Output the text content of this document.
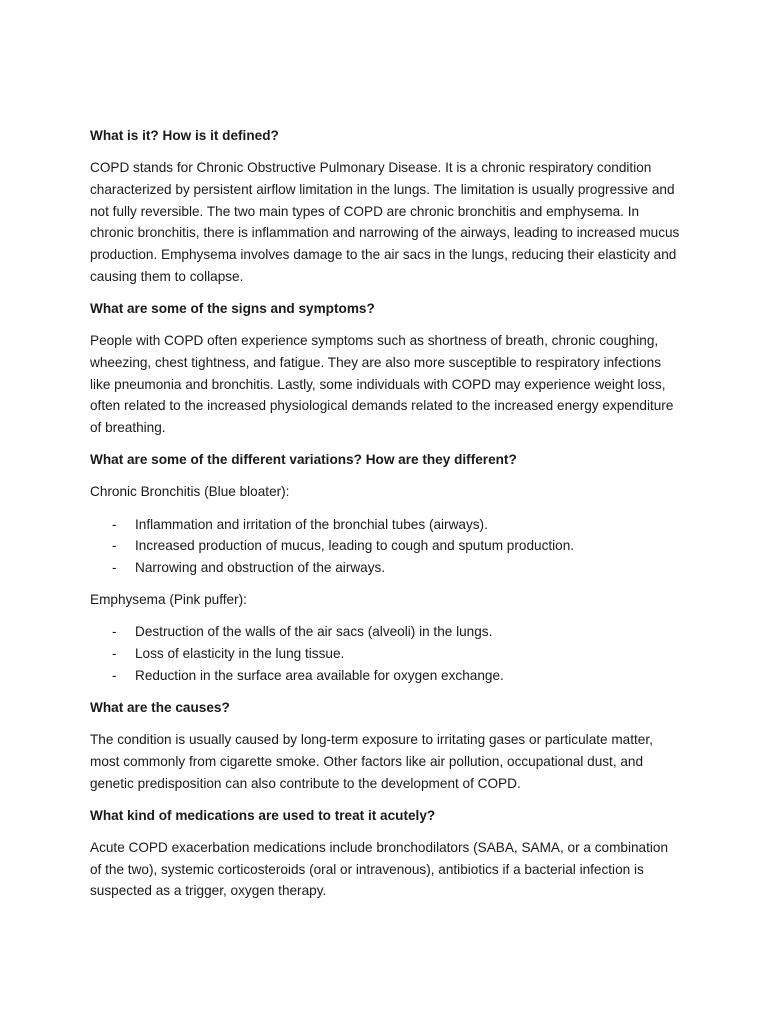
What is it? How is it defined?
COPD stands for Chronic Obstructive Pulmonary Disease. It is a chronic respiratory condition characterized by persistent airflow limitation in the lungs. The limitation is usually progressive and not fully reversible. The two main types of COPD are chronic bronchitis and emphysema. In chronic bronchitis, there is inflammation and narrowing of the airways, leading to increased mucus production. Emphysema involves damage to the air sacs in the lungs, reducing their elasticity and causing them to collapse.
What are some of the signs and symptoms?
People with COPD often experience symptoms such as shortness of breath, chronic coughing, wheezing, chest tightness, and fatigue. They are also more susceptible to respiratory infections like pneumonia and bronchitis. Lastly, some individuals with COPD may experience weight loss, often related to the increased physiological demands related to the increased energy expenditure of breathing.
What are some of the different variations? How are they different?
Chronic Bronchitis (Blue bloater):
- Inflammation and irritation of the bronchial tubes (airways).
- Increased production of mucus, leading to cough and sputum production.
- Narrowing and obstruction of the airways.
Emphysema (Pink puffer):
- Destruction of the walls of the air sacs (alveoli) in the lungs.
- Loss of elasticity in the lung tissue.
- Reduction in the surface area available for oxygen exchange.
What are the causes?
The condition is usually caused by long-term exposure to irritating gases or particulate matter, most commonly from cigarette smoke. Other factors like air pollution, occupational dust, and genetic predisposition can also contribute to the development of COPD.
What kind of medications are used to treat it acutely?
Acute COPD exacerbation medications include bronchodilators (SABA, SAMA, or a combination of the two), systemic corticosteroids (oral or intravenous), antibiotics if a bacterial infection is suspected as a trigger, oxygen therapy.
